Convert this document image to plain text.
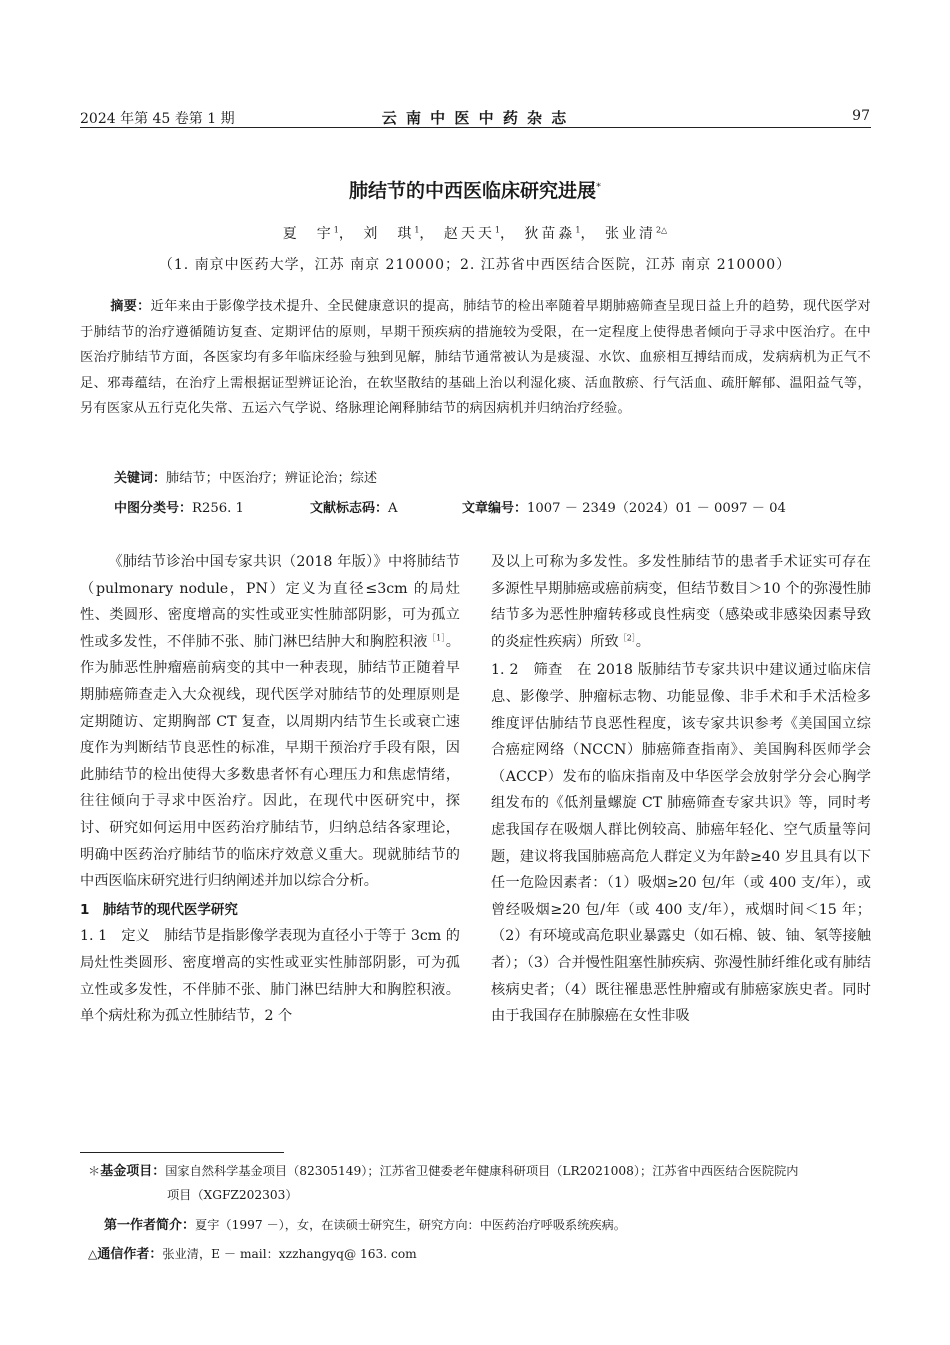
2024 年第 45 卷第 1 期	云 南 中 医 中 药 杂 志	97
肺结节的中西医临床研究进展*
夏　宇$^1$， 刘　琪$^1$， 赵天天$^1$， 狄苗淼$^1$， 张业清$^{2\triangle}$
（1. 南京中医药大学，江苏 南京 210000；2. 江苏省中西医结合医院，江苏 南京 210000）
摘要：近年来由于影像学技术提升、全民健康意识的提高，肺结节的检出率随着早期肺癌筛查呈现日益上升的趋势，现代医学对于肺结节的治疗遵循随访复查、定期评估的原则，早期干预疾病的措施较为受限，在一定程度上使得患者倾向于寻求中医治疗。在中医治疗肺结节方面，各医家均有多年临床经验与独到见解，肺结节通常被认为是痰湿、水饮、血瘀相互搏结而成，发病病机为正气不足、邪毒蕴结，在治疗上需根据证型辨证论治，在软坚散结的基础上治以利湿化痰、活血散瘀、行气活血、疏肝解郁、温阳益气等，另有医家从五行克化失常、五运六气学说、络脉理论阐释肺结节的病因病机并归纳治疗经验。
关键词：肺结节；中医治疗；辨证论治；综述
中图分类号：R256. 1	文献标志码：A	文章编号：1007 － 2349（2024）01 － 0097 － 04

《肺结节诊治中国专家共识（2018 年版）》中将肺结节（pulmonary nodule，PN）定义为直径≤3cm 的局灶性、类圆形、密度增高的实性或亚实性肺部阴影，可为孤立性或多发性，不伴肺不张、肺门淋巴结肿大和胸腔积液$^{[1]}$。作为肺恶性肿瘤癌前病变的其中一种表现，肺结节正随着早期肺癌筛查走入大众视线，现代医学对肺结节的处理原则是定期随访、定期胸部 CT 复查，以周期内结节生长或衰亡速度作为判断结节良恶性的标准，早期干预治疗手段有限，因此肺结节的检出使得大多数患者怀有心理压力和焦虑情绪，往往倾向于寻求中医治疗。因此，在现代中医研究中，探讨、研究如何运用中医药治疗肺结节，归纳总结各家理论，明确中医药治疗肺结节的临床疗效意义重大。现就肺结节的中西医临床研究进行归纳阐述并加以综合分析。

1　肺结节的现代医学研究

1. 1　定义　肺结节是指影像学表现为直径小于等于 3cm 的局灶性类圆形、密度增高的实性或亚实性肺部阴影，可为孤立性或多发性，不伴肺不张、肺门淋巴结肿大和胸腔积液。单个病灶称为孤立性肺结节，2 个

及以上可称为多发性。多发性肺结节的患者手术证实可存在多源性早期肺癌或癌前病变，但结节数目＞10 个的弥漫性肺结节多为恶性肿瘤转移或良性病变（感染或非感染因素导致的炎症性疾病）所致$^{[2]}$。

1. 2　筛查　在 2018 版肺结节专家共识中建议通过临床信息、影像学、肿瘤标志物、功能显像、非手术和手术活检多维度评估肺结节良恶性程度，该专家共识参考《美国国立综合癌症网络（NCCN）肺癌筛查指南》、美国胸科医师学会（ACCP）发布的临床指南及中华医学会放射学分会心胸学组发布的《低剂量螺旋 CT 肺癌筛查专家共识》等，同时考虑我国存在吸烟人群比例较高、肺癌年轻化、空气质量等问题，建议将我国肺癌高危人群定义为年龄≥40 岁且具有以下任一危险因素者：（1）吸烟≥20 包/年（或 400 支/年），或曾经吸烟≥20 包/年（或 400 支/年），戒烟时间＜15 年；（2）有环境或高危职业暴露史（如石棉、铍、铀、氡等接触者）；（3）合并慢性阻塞性肺疾病、弥漫性肺纤维化或有肺结核病史者；（4）既往罹患恶性肿瘤或有肺癌家族史者。同时由于我国存在肺腺癌在女性非吸

＊基金项目：国家自然科学基金项目（82305149）；江苏省卫健委老年健康科研项目（LR2021008）；江苏省中西医结合医院院内
项目（XGFZ202303）
第一作者简介：夏宇（1997 －），女，在读硕士研究生，研究方向：中医药治疗呼吸系统疾病。
△通信作者：张业清，E － mail：xzzhangyq@ 163. com
